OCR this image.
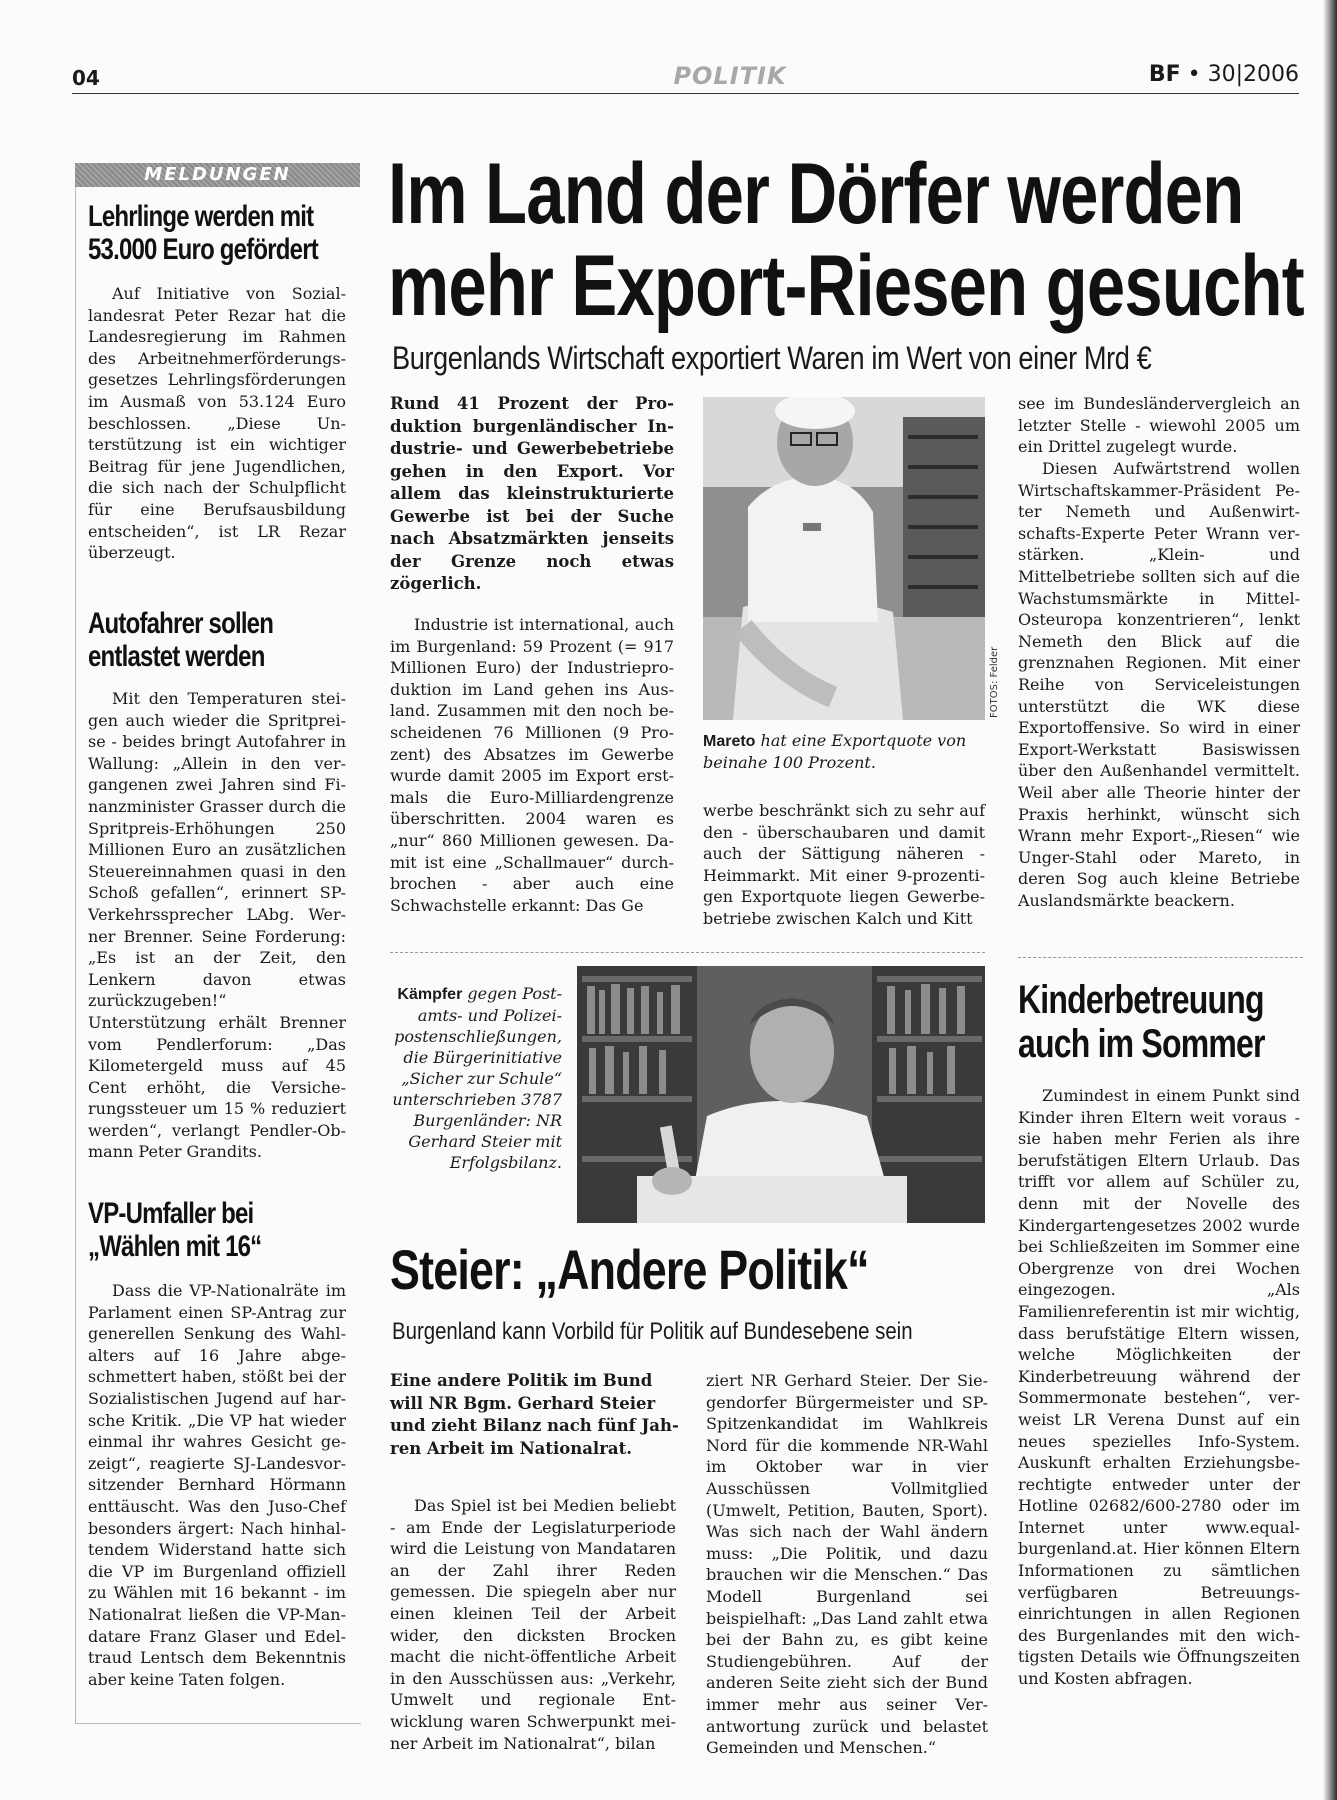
04	POLITIK	BF • 30|2006
MELDUNGEN
Lehrlinge werden mit
53.000 Euro gefördert
Auf Initiative von Soziallandesrat Peter Rezar hat die Landesregierung im Rahmen des Arbeitnehmerförderungsgesetzes Lehrlingsförderungen im Ausmaß von 53.124 Euro beschlossen. „Diese Unterstützung ist ein wichtiger Beitrag für jene Jugendlichen, die sich nach der Schulpflicht für eine Berufsausbildung entscheiden“, ist LR Rezar überzeugt.
Autofahrer sollen
entlastet werden
Mit den Temperaturen steigen auch wieder die Spritpreise - beides bringt Autofahrer in Wallung: „Allein in den vergangenen zwei Jahren sind Finanzminister Grasser durch die Spritpreis-Erhöhungen 250 Millionen Euro an zusätzlichen Steuereinnahmen quasi in den Schoß gefallen“, erinnert SP-Verkehrssprecher LAbg. Werner Brenner. Seine Forderung: „Es ist an der Zeit, den Lenkern davon etwas zurückzugeben!“ Unterstützung erhält Brenner vom Pendlerforum: „Das Kilometergeld muss auf 45 Cent erhöht, die Versicherungssteuer um 15 % reduziert werden“, verlangt Pendler-Obmann Peter Grandits.
VP-Umfaller bei
„Wählen mit 16“
Dass die VP-Nationalräte im Parlament einen SP-Antrag zur generellen Senkung des Wahlalters auf 16 Jahre abgeschmettert haben, stößt bei der Sozialistischen Jugend auf harsche Kritik. „Die VP hat wieder einmal ihr wahres Gesicht gezeigt“, reagierte SJ-Landesvorsitzender Bernhard Hörmann enttäuscht. Was den Juso-Chef besonders ärgert: Nach hinhaltendem Widerstand hatte sich die VP im Burgenland offiziell zu Wählen mit 16 bekannt - im Nationalrat ließen die VP-Mandatare Franz Glaser und Edeltraud Lentsch dem Bekenntnis aber keine Taten folgen.
Im Land der Dörfer werden
mehr Export-Riesen gesucht
Burgenlands Wirtschaft exportiert Waren im Wert von einer Mrd €
Rund 41 Prozent der Produktion burgenländischer Industrie- und Gewerbebetriebe gehen in den Export. Vor allem das kleinstrukturierte Gewerbe ist bei der Suche nach Absatzmärkten jenseits der Grenze noch etwas zögerlich.
Industrie ist international, auch im Burgenland: 59 Prozent (= 917 Millionen Euro) der Industrieproduktion im Land gehen ins Ausland. Zusammen mit den noch bescheidenen 76 Millionen (9 Prozent) des Absatzes im Gewerbe wurde damit 2005 im Export erstmals die Euro-Milliardengrenze überschritten. 2004 waren es „nur“ 860 Millionen gewesen. Damit ist eine „Schallmauer“ durchbrochen - aber auch eine Schwachstelle erkannt: Das Ge
FOTOS: Felder
Mareto hat eine Exportquote von beinahe 100 Prozent.
werbe beschränkt sich zu sehr auf den - überschaubaren und damit auch der Sättigung näheren - Heimmarkt. Mit einer 9-prozentigen Exportquote liegen Gewerbebetriebe zwischen Kalch und Kitt
see im Bundesländervergleich an letzter Stelle - wiewohl 2005 um ein Drittel zugelegt wurde.
Diesen Aufwärtstrend wollen Wirtschaftskammer-Präsident Peter Nemeth und Außenwirtschafts-Experte Peter Wrann verstärken. „Klein- und Mittelbetriebe sollten sich auf die Wachstumsmärkte in Mittel-Osteuropa konzentrieren“, lenkt Nemeth den Blick auf die grenznahen Regionen. Mit einer Reihe von Serviceleistungen unterstützt die WK diese Exportoffensive. So wird in einer Export-Werkstatt Basiswissen über den Außenhandel vermittelt. Weil aber alle Theorie hinter der Praxis herhinkt, wünscht sich Wrann mehr Export-„Riesen“ wie Unger-Stahl oder Mareto, in deren Sog auch kleine Betriebe Auslandsmärkte beackern.
Kämpfer gegen Postamts- und Polizeipostenschließungen, die Bürgerinitiative „Sicher zur Schule“ unterschrieben 3787 Burgenländer: NR Gerhard Steier mit Erfolgsbilanz.
Steier: „Andere Politik“
Burgenland kann Vorbild für Politik auf Bundesebene sein
Eine andere Politik im Bund will NR Bgm. Gerhard Steier und zieht Bilanz nach fünf Jahren Arbeit im Nationalrat.
Das Spiel ist bei Medien beliebt - am Ende der Legislaturperiode wird die Leistung von Mandataren an der Zahl ihrer Reden gemessen. Die spiegeln aber nur einen kleinen Teil der Arbeit wider, den dicksten Brocken macht die nicht-öffentliche Arbeit in den Ausschüssen aus: „Verkehr, Umwelt und regionale Entwicklung waren Schwerpunkt meiner Arbeit im Nationalrat“, bilan
ziert NR Gerhard Steier. Der Siegendorfer Bürgermeister und SP-Spitzenkandidat im Wahlkreis Nord für die kommende NR-Wahl im Oktober war in vier Ausschüssen Vollmitglied (Umwelt, Petition, Bauten, Sport). Was sich nach der Wahl ändern muss: „Die Politik, und dazu brauchen wir die Menschen.“ Das Modell Burgenland sei beispielhaft: „Das Land zahlt etwa bei der Bahn zu, es gibt keine Studiengebühren. Auf der anderen Seite zieht sich der Bund immer mehr aus seiner Verantwortung zurück und belastet Gemeinden und Menschen.“
Kinderbetreuung
auch im Sommer
Zumindest in einem Punkt sind Kinder ihren Eltern weit voraus - sie haben mehr Ferien als ihre berufstätigen Eltern Urlaub. Das trifft vor allem auf Schüler zu, denn mit der Novelle des Kindergartengesetzes 2002 wurde bei Schließzeiten im Sommer eine Obergrenze von drei Wochen eingezogen. „Als Familienreferentin ist mir wichtig, dass berufstätige Eltern wissen, welche Möglichkeiten der Kinderbetreuung während der Sommermonate bestehen“, verweist LR Verena Dunst auf ein neues spezielles Info-System. Auskunft erhalten Erziehungsberechtigte entweder unter der Hotline 02682/600-2780 oder im Internet unter www.equalburgenland.at. Hier können Eltern Informationen zu sämtlichen verfügbaren Betreuungseinrichtungen in allen Regionen des Burgenlandes mit den wichtigsten Details wie Öffnungszeiten und Kosten abfragen.
